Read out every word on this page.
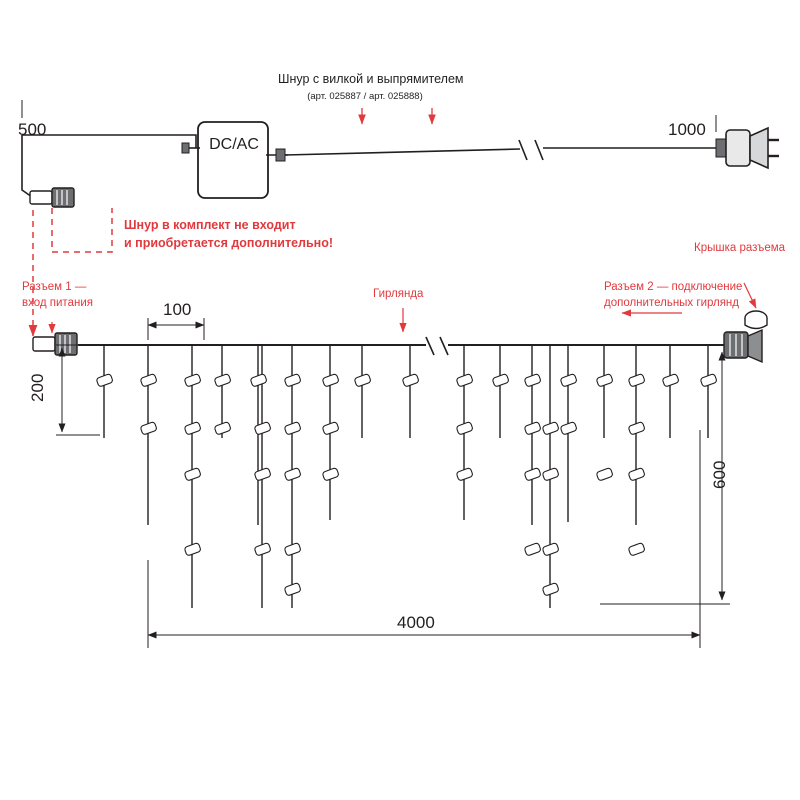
Шнур с вилкой и выпрямителем
(арт. 025887 / арт. 025888)
500	1000
DC/AC
Шнур в комплект не входит
и приобретается дополнительно!
Разъем 1 —
вход питания
Разъем 2 — подключение
дополнительных гирлянд
Крышка разъема
Гирлянда
100
200
600
4000
